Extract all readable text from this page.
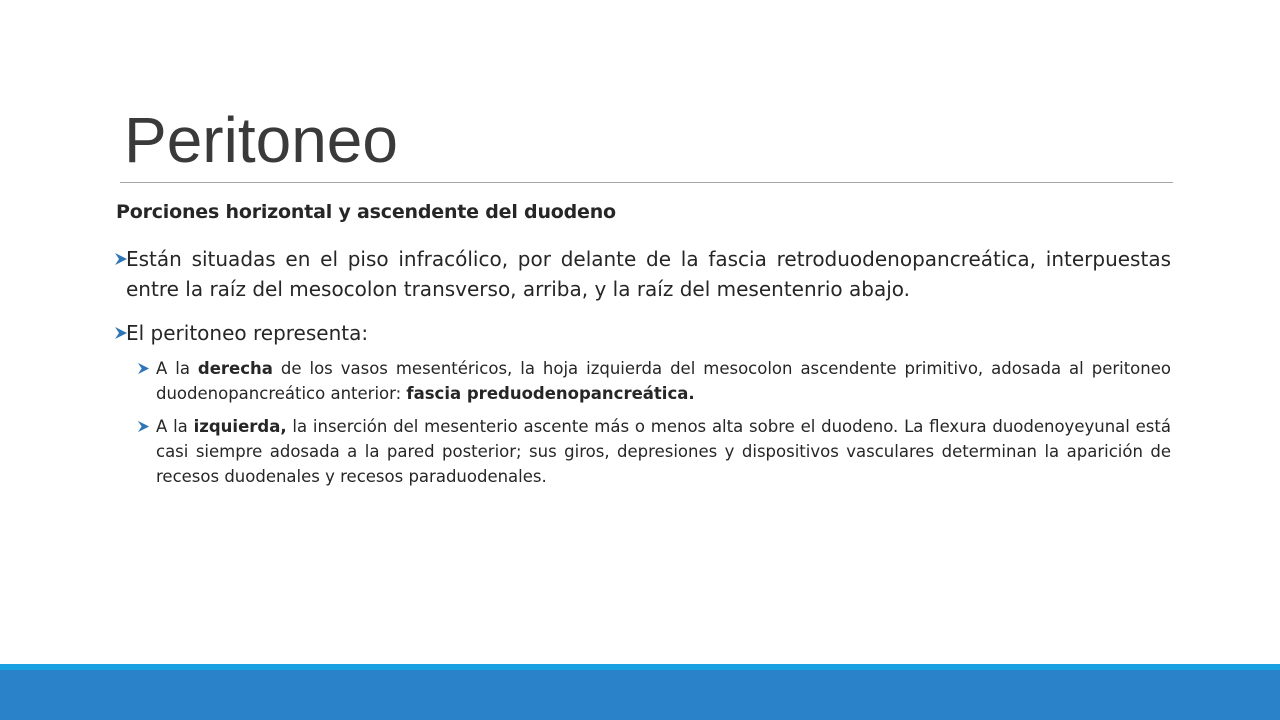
Peritoneo
Porciones horizontal y ascendente del duodeno
Están situadas en el piso infracólico, por delante de la fascia retroduodenopancreática, interpuestas entre la raíz del mesocolon transverso, arriba, y la raíz del mesentenrio abajo.
El peritoneo representa:
A la derecha de los vasos mesentéricos, la hoja izquierda del mesocolon ascendente primitivo, adosada al peritoneo duodenopancreático anterior: fascia preduodenopancreática.
A la izquierda, la inserción del mesenterio ascente más o menos alta sobre el duodeno. La flexura duodenoyeyunal está casi siempre adosada a la pared posterior; sus giros, depresiones y dispositivos vasculares determinan la aparición de recesos duodenales y recesos paraduodenales.
